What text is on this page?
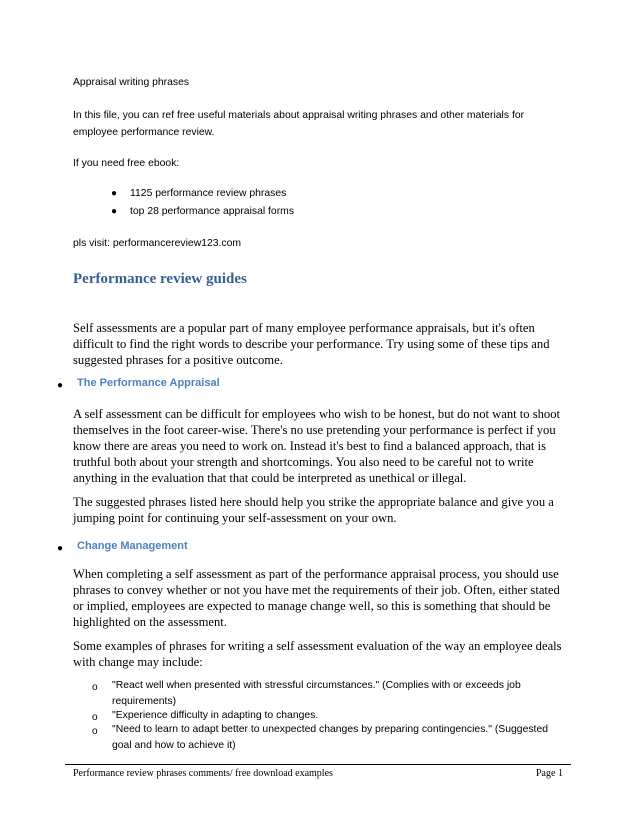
Appraisal writing phrases
In this file, you can ref free useful materials about appraisal writing phrases and other materials for
employee performance review.
If you need free ebook:
● 1125 performance review phrases
● top 28 performance appraisal forms
pls visit: performancereview123.com
Performance review guides
Self assessments are a popular part of many employee performance appraisals, but it's often
difficult to find the right words to describe your performance. Try using some of these tips and
suggested phrases for a positive outcome.
● The Performance Appraisal
A self assessment can be difficult for employees who wish to be honest, but do not want to shoot
themselves in the foot career-wise. There's no use pretending your performance is perfect if you
know there are areas you need to work on. Instead it's best to find a balanced approach, that is
truthful both about your strength and shortcomings. You also need to be careful not to write
anything in the evaluation that that could be interpreted as unethical or illegal.
The suggested phrases listed here should help you strike the appropriate balance and give you a
jumping point for continuing your self-assessment on your own.
● Change Management
When completing a self assessment as part of the performance appraisal process, you should use
phrases to convey whether or not you have met the requirements of their job. Often, either stated
or implied, employees are expected to manage change well, so this is something that should be
highlighted on the assessment.
Some examples of phrases for writing a self assessment evaluation of the way an employee deals
with change may include:
o "React well when presented with stressful circumstances." (Complies with or exceeds job
requirements)
o "Experience difficulty in adapting to changes.
o "Need to learn to adapt better to unexpected changes by preparing contingencies." (Suggested
goal and how to achieve it)
Performance review phrases comments/ free download examples	Page 1
